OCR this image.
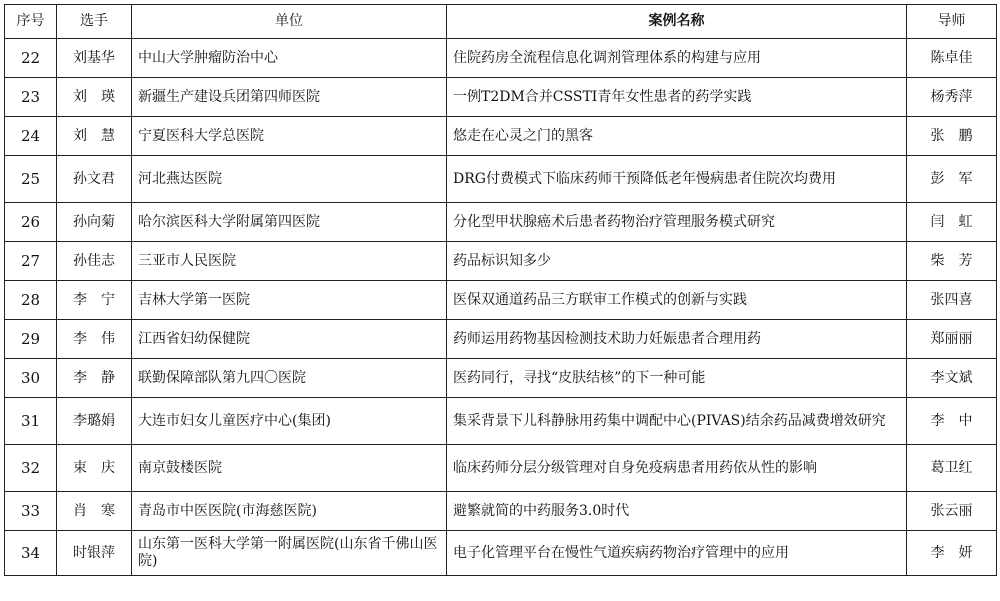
序号	选手	单位	案例名称	导师
22	刘基华	中山大学肿瘤防治中心	住院药房全流程信息化调剂管理体系的构建与应用	陈卓佳
23	刘　瑛	新疆生产建设兵团第四师医院	一例T2DM合并CSSTI青年女性患者的药学实践	杨秀萍
24	刘　慧	宁夏医科大学总医院	悠走在心灵之门的黑客	张　鹏
25	孙文君	河北燕达医院	DRG付费模式下临床药师干预降低老年慢病患者住院次均费用	彭　军
26	孙向菊	哈尔滨医科大学附属第四医院	分化型甲状腺癌术后患者药物治疗管理服务模式研究	闫　虹
27	孙佳志	三亚市人民医院	药品标识知多少	柴　芳
28	李　宁	吉林大学第一医院	医保双通道药品三方联审工作模式的创新与实践	张四喜
29	李　伟	江西省妇幼保健院	药师运用药物基因检测技术助力妊娠患者合理用药	郑丽丽
30	李　静	联勤保障部队第九四〇医院	医药同行，寻找“皮肤结核”的下一种可能	李文斌
31	李璐娟	大连市妇女儿童医疗中心(集团)	集采背景下儿科静脉用药集中调配中心(PIVAS)结余药品减费增效研究	李　中
32	束　庆	南京鼓楼医院	临床药师分层分级管理对自身免疫病患者用药依从性的影响	葛卫红
33	肖　寒	青岛市中医医院(市海慈医院)	避繁就简的中药服务3.0时代	张云丽
34	时银萍	山东第一医科大学第一附属医院(山东省千佛山医院)	电子化管理平台在慢性气道疾病药物治疗管理中的应用	李　妍
